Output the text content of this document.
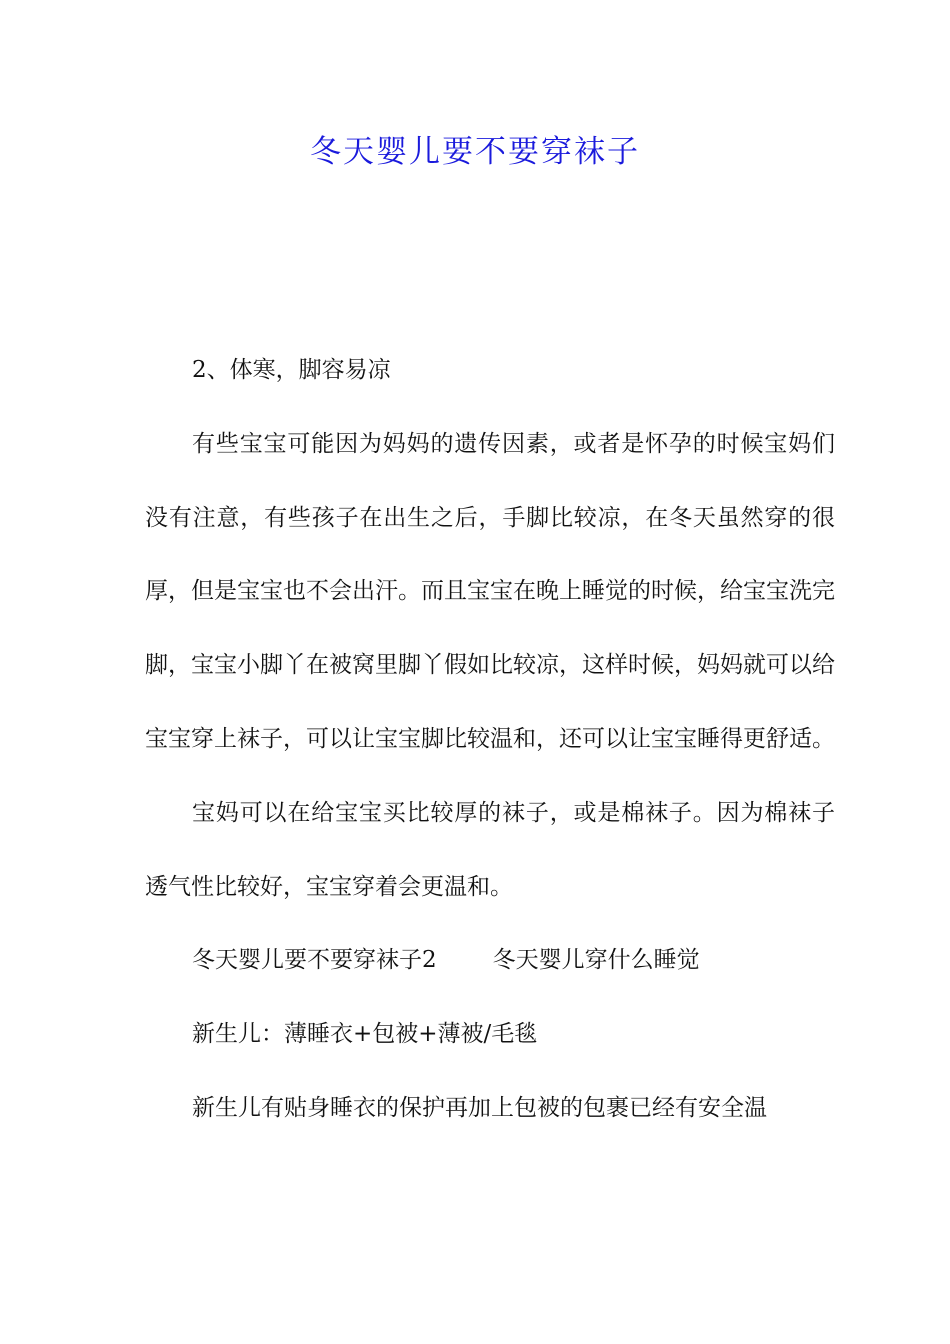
冬天婴儿要不要穿袜子

2、体寒，脚容易凉

有些宝宝可能因为妈妈的遗传因素，或者是怀孕的时候宝妈们没有注意，有些孩子在出生之后，手脚比较凉，在冬天虽然穿的很厚，但是宝宝也不会出汗。而且宝宝在晚上睡觉的时候，给宝宝洗完脚，宝宝小脚丫在被窝里脚丫假如比较凉，这样时候，妈妈就可以给宝宝穿上袜子，可以让宝宝脚比较温和，还可以让宝宝睡得更舒适。

宝妈可以在给宝宝买比较厚的袜子，或是棉袜子。因为棉袜子透气性比较好，宝宝穿着会更温和。

冬天婴儿要不要穿袜子2 冬天婴儿穿什么睡觉

新生儿：薄睡衣+包被+薄被/毛毯

新生儿有贴身睡衣的保护再加上包被的包裹已经有安全温
